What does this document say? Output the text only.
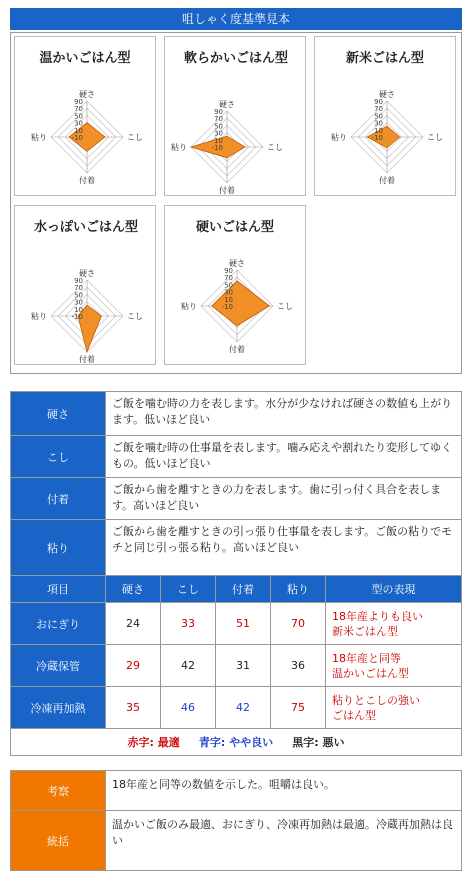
咀しゃく度基準見本
温かいごはん型
90
70
50
30
10
-10
硬さ
こし
付着
粘り
軟らかいごはん型
90
70
50
30
10
-10
硬さ
こし
付着
粘り
新米ごはん型
90
70
50
30
10
-10
硬さ
こし
付着
粘り
水っぽいごはん型
90
70
50
30
10
-10
硬さ
こし
付着
粘り
硬いごはん型
90
70
50
30
10
-10
硬さ
こし
付着
粘り
硬さ	ご飯を噛む時の力を表します。水分が少なければ硬さの数値も上がります。低いほど良い				
こし	ご飯を噛む時の仕事量を表します。噛み応えや割れたり変形してゆくもの。低いほど良い				
付着	ご飯から歯を離すときの力を表します。歯に引っ付く具合を表します。高いほど良い				
粘り	ご飯から歯を離すときの引っ張り仕事量を表します。ご飯の粘りでモチと同じ引っ張る粘り。高いほど良い				
項目	硬さ	こし	付着	粘り	型の表現
おにぎり	24	33	51	70	18年産よりも良い
新米ごはん型

冷蔵保管	29	42	31	36	18年産と同等
温かいごはん型

冷凍再加熱	35	46	42	75	粘りとこしの強い
ごはん型

赤字: 最適 青字: やや良い 黒字: 悪い					
考察	18年産と同等の数値を示した。咀嚼は良い。
統括	温かいご飯のみ最適、おにぎり、冷凍再加熱は最適。冷蔵再加熱は良い
